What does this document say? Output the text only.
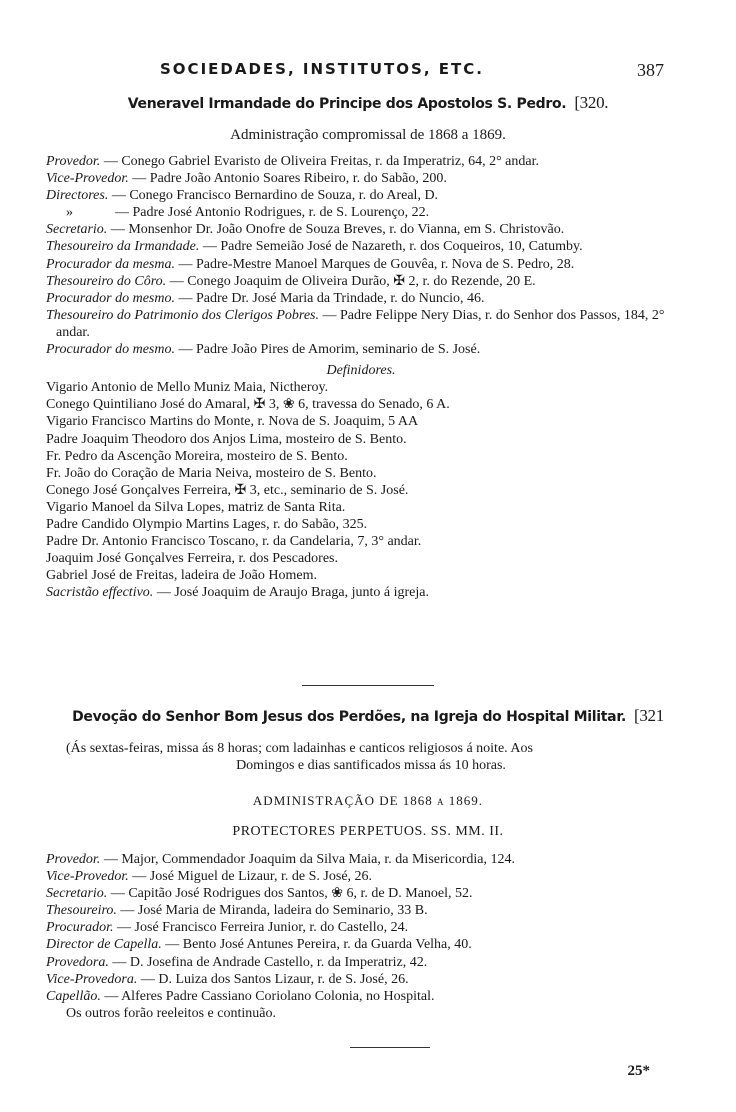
SOCIEDADES, INSTITUTOS, ETC.	387
Veneravel Irmandade do Principe dos Apostolos S. Pedro. [320.
Administração compromissal de 1868 a 1869.

Provedor. — Conego Gabriel Evaristo de Oliveira Freitas, r. da Imperatriz, 64, 2° andar.

Vice-Provedor. — Padre João Antonio Soares Ribeiro, r. do Sabão, 200.

Directores. — Conego Francisco Bernardino de Souza, r. do Areal, D.

»            — Padre José Antonio Rodrigues, r. de S. Lourenço, 22.

Secretario. — Monsenhor Dr. João Onofre de Souza Breves, r. do Vianna, em S. Christovão.

Thesoureiro da Irmandade. — Padre Semeião José de Nazareth, r. dos Coqueiros, 10, Catumby.

Procurador da mesma. — Padre-Mestre Manoel Marques de Gouvêa, r. Nova de S. Pedro, 28.

Thesoureiro do Côro. — Conego Joaquim de Oliveira Durão, ✠ 2, r. do Rezende, 20 E.

Procurador do mesmo. — Padre Dr. José Maria da Trindade, r. do Nuncio, 46.

Thesoureiro do Patrimonio dos Clerigos Pobres. — Padre Felippe Nery Dias, r. do Senhor dos Passos, 184, 2° andar.

Procurador do mesmo. — Padre João Pires de Amorim, seminario de S. José.

Definidores.

Vigario Antonio de Mello Muniz Maia, Nictheroy.

Conego Quintiliano José do Amaral, ✠ 3, ❀ 6, travessa do Senado, 6 A.

Vigario Francisco Martins do Monte, r. Nova de S. Joaquim, 5 AA

Padre Joaquim Theodoro dos Anjos Lima, mosteiro de S. Bento.

Fr. Pedro da Ascenção Moreira, mosteiro de S. Bento.

Fr. João do Coração de Maria Neiva, mosteiro de S. Bento.

Conego José Gonçalves Ferreira, ✠ 3, etc., seminario de S. José.

Vigario Manoel da Silva Lopes, matriz de Santa Rita.

Padre Candido Olympio Martins Lages, r. do Sabão, 325.

Padre Dr. Antonio Francisco Toscano, r. da Candelaria, 7, 3° andar.

Joaquim José Gonçalves Ferreira, r. dos Pescadores.

Gabriel José de Freitas, ladeira de João Homem.

Sacristão effectivo. — José Joaquim de Araujo Braga, junto á igreja.

Devoção do Senhor Bom Jesus dos Perdões, na Igreja do Hospital Militar. [321

(Ás sextas-feiras, missa ás 8 horas; com ladainhas e canticos religiosos á noite. Aos

Domingos e dias santificados missa ás 10 horas.

ADMINISTRAÇÃO DE 1868 a 1869.
PROTECTORES PERPETUOS. SS. MM. II.

Provedor. — Major, Commendador Joaquim da Silva Maia, r. da Misericordia, 124.

Vice-Provedor. — José Miguel de Lizaur, r. de S. José, 26.

Secretario. — Capitão José Rodrigues dos Santos, ❀ 6, r. de D. Manoel, 52.

Thesoureiro. — José Maria de Miranda, ladeira do Seminario, 33 B.

Procurador. — José Francisco Ferreira Junior, r. do Castello, 24.

Director de Capella. — Bento José Antunes Pereira, r. da Guarda Velha, 40.

Provedora. — D. Josefina de Andrade Castello, r. da Imperatriz, 42.

Vice-Provedora. — D. Luiza dos Santos Lizaur, r. de S. José, 26.

Capellão. — Alferes Padre Cassiano Coriolano Colonia, no Hospital.

Os outros forão reeleitos e continuão.

25*
